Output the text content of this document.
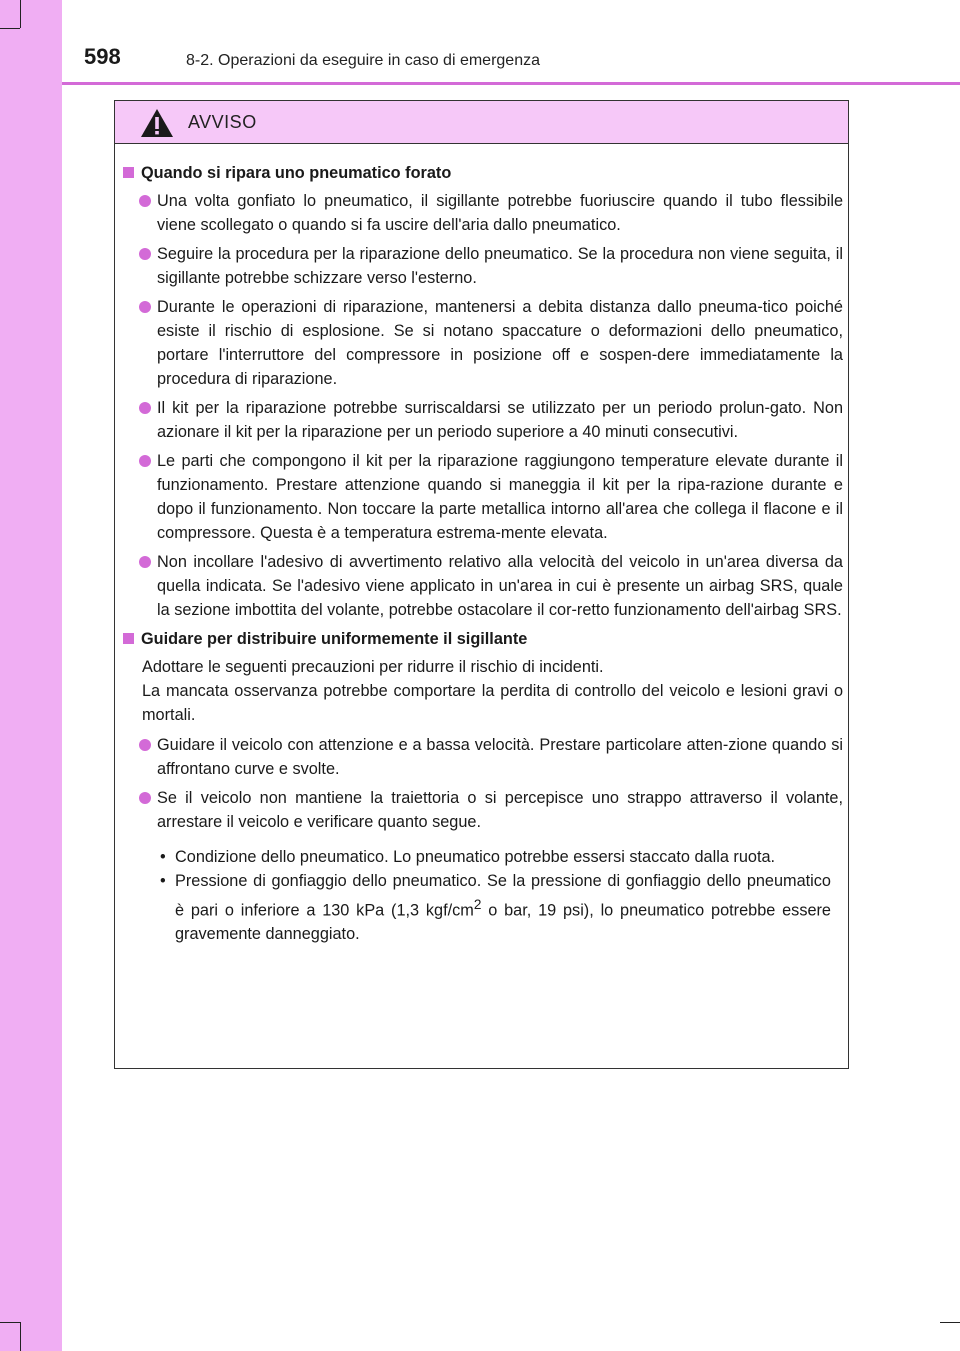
598	8-2. Operazioni da eseguire in caso di emergenza
AVVISO
Quando si ripara uno pneumatico forato
Una volta gonfiato lo pneumatico, il sigillante potrebbe fuoriuscire quando il tubo flessibile viene scollegato o quando si fa uscire dell'aria dallo pneumatico.
Seguire la procedura per la riparazione dello pneumatico. Se la procedura non viene seguita, il sigillante potrebbe schizzare verso l'esterno.
Durante le operazioni di riparazione, mantenersi a debita distanza dallo pneuma-tico poiché esiste il rischio di esplosione. Se si notano spaccature o deformazioni dello pneumatico, portare l'interruttore del compressore in posizione off e sospen-dere immediatamente la procedura di riparazione.
Il kit per la riparazione potrebbe surriscaldarsi se utilizzato per un periodo prolun-gato. Non azionare il kit per la riparazione per un periodo superiore a 40 minuti consecutivi.
Le parti che compongono il kit per la riparazione raggiungono temperature elevate durante il funzionamento. Prestare attenzione quando si maneggia il kit per la ripa-razione durante e dopo il funzionamento. Non toccare la parte metallica intorno all'area che collega il flacone e il compressore. Questa è a temperatura estrema-mente elevata.
Non incollare l'adesivo di avvertimento relativo alla velocità del veicolo in un'area diversa da quella indicata. Se l'adesivo viene applicato in un'area in cui è presente un airbag SRS, quale la sezione imbottita del volante, potrebbe ostacolare il cor-retto funzionamento dell'airbag SRS.
Guidare per distribuire uniformemente il sigillante
Adottare le seguenti precauzioni per ridurre il rischio di incidenti.
La mancata osservanza potrebbe comportare la perdita di controllo del veicolo e lesioni gravi o mortali.
Guidare il veicolo con attenzione e a bassa velocità. Prestare particolare atten-zione quando si affrontano curve e svolte.
Se il veicolo non mantiene la traiettoria o si percepisce uno strappo attraverso il volante, arrestare il veicolo e verificare quanto segue.
• Condizione dello pneumatico. Lo pneumatico potrebbe essersi staccato dalla ruota.
• Pressione di gonfiaggio dello pneumatico. Se la pressione di gonfiaggio dello pneumatico è pari o inferiore a 130 kPa (1,3 kgf/$cm^2$ o bar, 19 psi), lo pneumatico potrebbe essere gravemente danneggiato.
